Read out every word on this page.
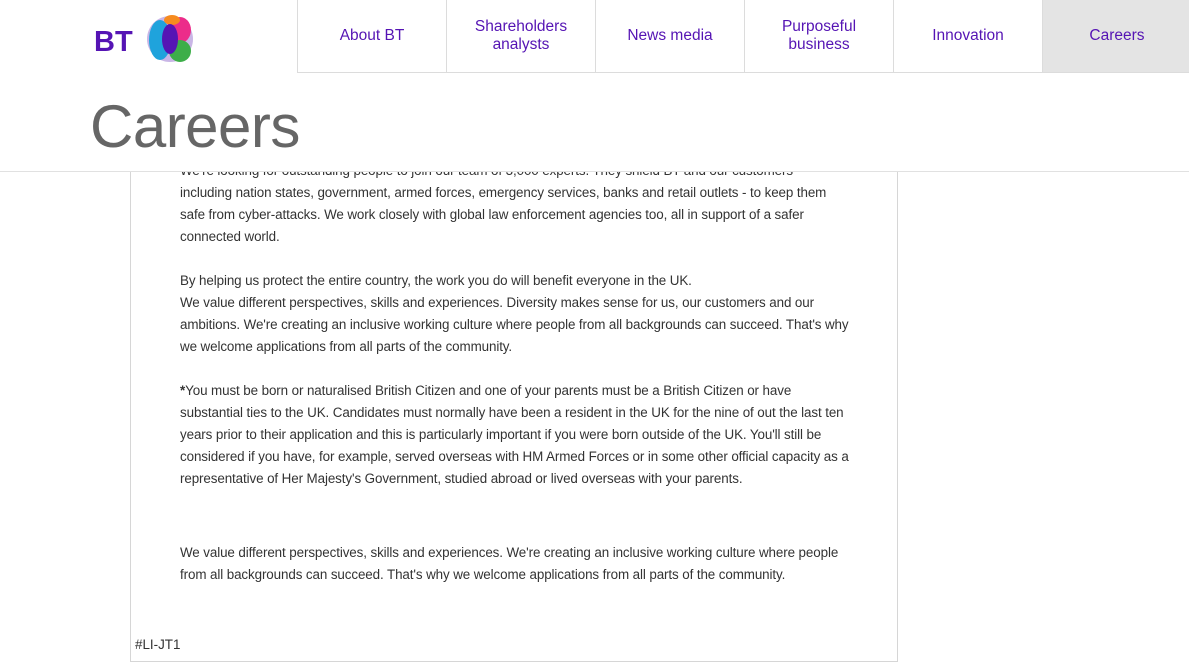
including nation states, government, armed forces, emergency services, banks and retail outlets - to keep them safe from cyber-attacks. We work closely with global law enforcement agencies too, all in support of a safer connected world.

By helping us protect the entire country, the work you do will benefit everyone in the UK.

We value different perspectives, skills and experiences. Diversity makes sense for us, our customers and our ambitions. We're creating an inclusive working culture where people from all backgrounds can succeed. That's why we welcome applications from all parts of the community.

*You must be born or naturalised British Citizen and one of your parents must be a British Citizen or have substantial ties to the UK. Candidates must normally have been a resident in the UK for the nine of out the last ten years prior to their application and this is particularly important if you were born outside of the UK. You'll still be considered if you have, for example, served overseas with HM Armed Forces or in some other official capacity as a representative of Her Majesty's Government, studied abroad or lived overseas with your parents.

We value different perspectives, skills and experiences. We're creating an inclusive working culture where people from all backgrounds can succeed. That's why we welcome applications from all parts of the community.

#LI-JT1
BT	About BT
Shareholders analysts
News media
Purposeful business
Innovation	Careers
Careers
